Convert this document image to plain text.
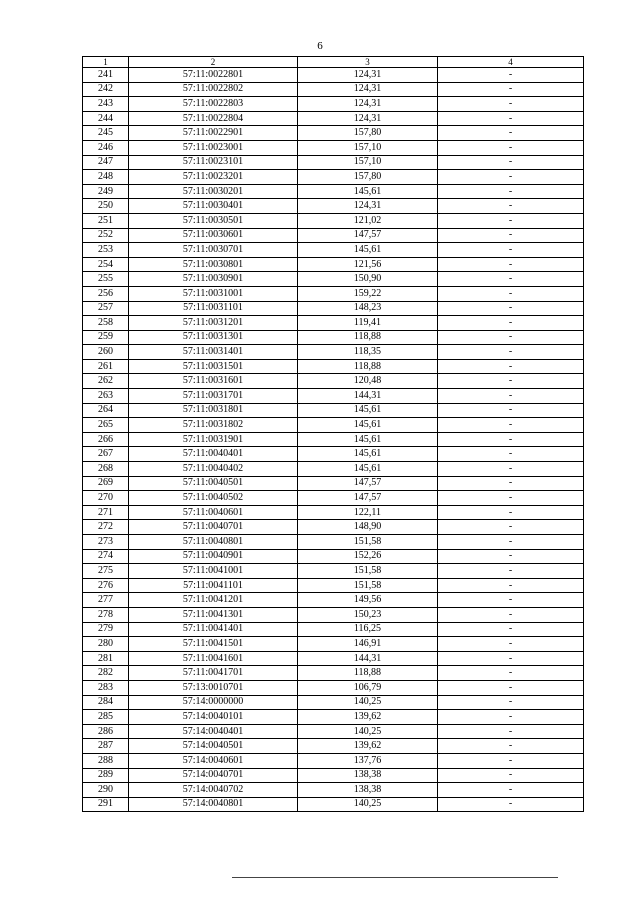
6
1	2	3	4
241	57:11:0022801	124,31	-
242	57:11:0022802	124,31	-
243	57:11:0022803	124,31	-
244	57:11:0022804	124,31	-
245	57:11:0022901	157,80	-
246	57:11:0023001	157,10	-
247	57:11:0023101	157,10	-
248	57:11:0023201	157,80	-
249	57:11:0030201	145,61	-
250	57:11:0030401	124,31	-
251	57:11:0030501	121,02	-
252	57:11:0030601	147,57	-
253	57:11:0030701	145,61	-
254	57:11:0030801	121,56	-
255	57:11:0030901	150,90	-
256	57:11:0031001	159,22	-
257	57:11:0031101	148,23	-
258	57:11:0031201	119,41	-
259	57:11:0031301	118,88	-
260	57:11:0031401	118,35	-
261	57:11:0031501	118,88	-
262	57:11:0031601	120,48	-
263	57:11:0031701	144,31	-
264	57:11:0031801	145,61	-
265	57:11:0031802	145,61	-
266	57:11:0031901	145,61	-
267	57:11:0040401	145,61	-
268	57:11:0040402	145,61	-
269	57:11:0040501	147,57	-
270	57:11:0040502	147,57	-
271	57:11:0040601	122,11	-
272	57:11:0040701	148,90	-
273	57:11:0040801	151,58	-
274	57:11:0040901	152,26	-
275	57:11:0041001	151,58	-
276	57:11:0041101	151,58	-
277	57:11:0041201	149,56	-
278	57:11:0041301	150,23	-
279	57:11:0041401	116,25	-
280	57:11:0041501	146,91	-
281	57:11:0041601	144,31	-
282	57:11:0041701	118,88	-
283	57:13:0010701	106,79	-
284	57:14:0000000	140,25	-
285	57:14:0040101	139,62	-
286	57:14:0040401	140,25	-
287	57:14:0040501	139,62	-
288	57:14:0040601	137,76	-
289	57:14:0040701	138,38	-
290	57:14:0040702	138,38	-
291	57:14:0040801	140,25	-
